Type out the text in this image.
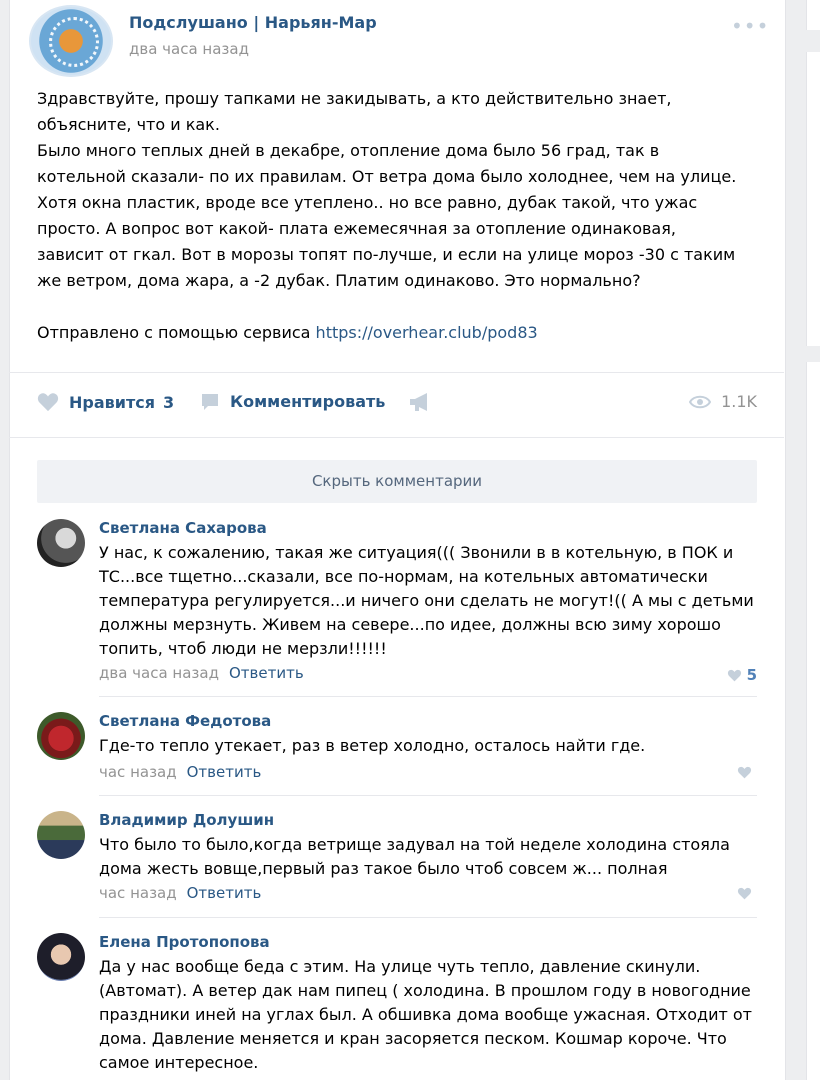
Подслушано | Нарьян-Мар
два часа назад
•••

Здравствуйте, прошу тапками не закидывать, а кто действительно знает,

объясните, что и как.

Было много теплых дней в декабре, отопление дома было 56 град, так в

котельной сказали- по их правилам. От ветра дома было холоднее, чем на улице.

Хотя окна пластик, вроде все утеплено.. но все равно, дубак такой, что ужас

просто. А вопрос вот какой- плата ежемесячная за отопление одинаковая,

зависит от гкал. Вот в морозы топят по-лучше, и если на улице мороз -30 с таким

же ветром, дома жара, а -2 дубак. Платим одинаково. Это нормально?

Отправлено с помощью сервиса https://overhear.club/pod83

Нравится 3	Комментировать	1.1K
Скрыть комментарии
Светлана Сахарова
У нас, к сожалению, такая же ситуация((( Звонили в в котельную, в ПОК и
ТС...все тщетно...сказали, все по-нормам, на котельных автоматически
температура регулируется...и ничего они сделать не могут!(( А мы с детьми
должны мерзнуть. Живем на севере...по идее, должны всю зиму хорошо
топить, чтоб люди не мерзли!!!!!!
два часа назад Ответить	5
Светлана Федотова
Где-то тепло утекает, раз в ветер холодно, осталось найти где.
час назад Ответить
Владимир Долушин
Что было то было,когда ветрище задувал на той неделе холодина стояла
дома жесть вовще,первый раз такое было чтоб совсем ж... полная
час назад Ответить
Елена Протопопова
Да у нас вообще беда с этим. На улице чуть тепло, давление скинули.
(Автомат). А ветер дак нам пипец ( холодина. В прошлом году в новогодние
праздники иней на углах был. А обшивка дома вообще ужасная. Отходит от
дома. Давление меняется и кран засоряется песком. Кошмар короче. Что
самое интересное.
